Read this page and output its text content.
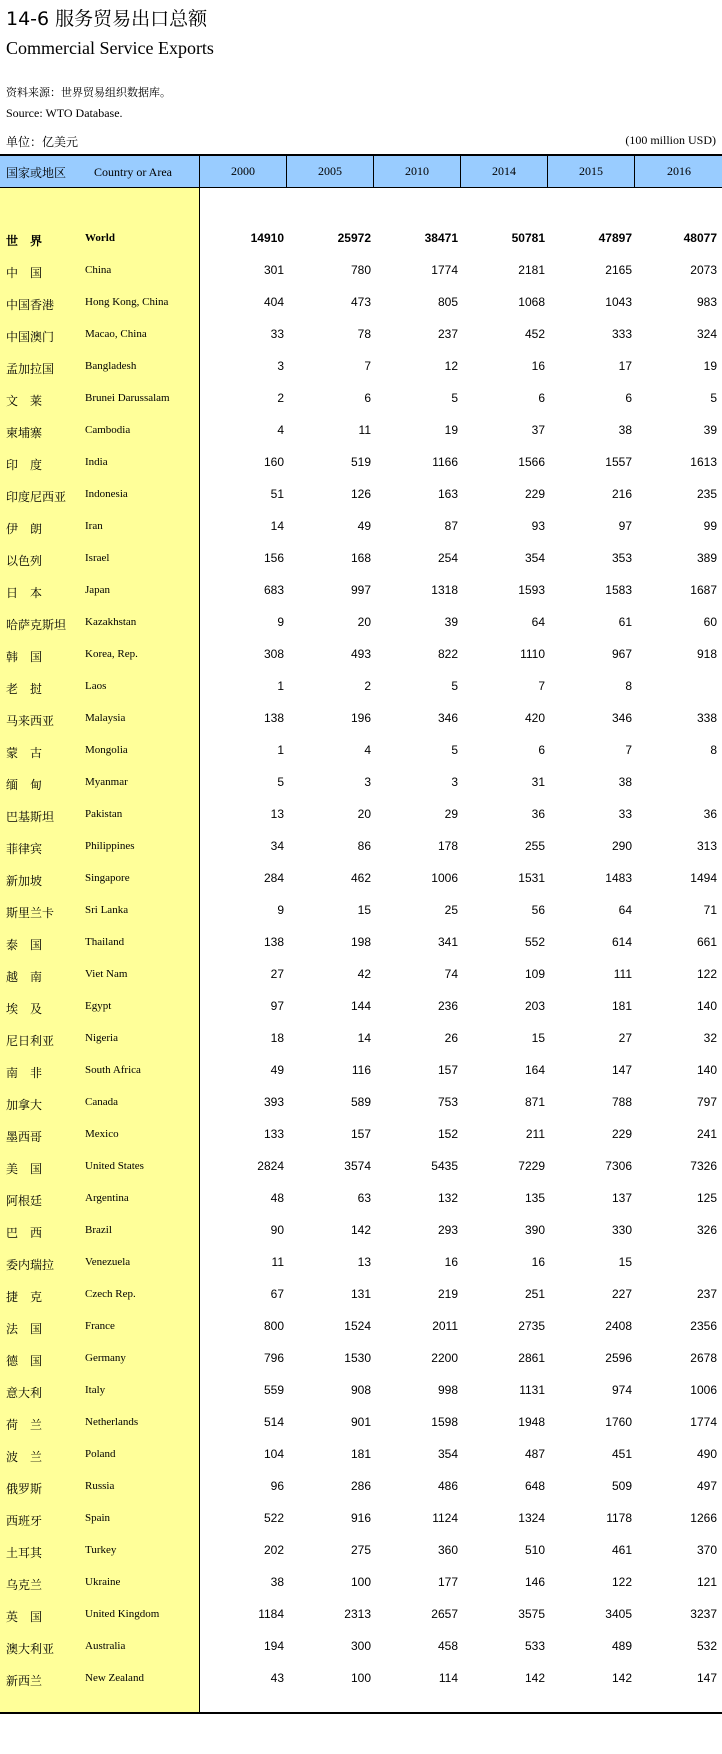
14-6 服务贸易出口总额
Commercial Service Exports
资料来源：世界贸易组织数据库。
Source: WTO Database.
单位：亿美元	(100 million USD)
国家或地区 Country or Area	2000	2005	2010	2014	2015	2016
世　界	World	14910	25972	38471	50781	47897	48077
中　国	China	301	780	1774	2181	2165	2073
中国香港	Hong Kong, China	404	473	805	1068	1043	983
中国澳门	Macao, China	33	78	237	452	333	324
孟加拉国	Bangladesh	3	7	12	16	17	19
文　莱	Brunei Darussalam	2	6	5	6	6	5
柬埔寨	Cambodia	4	11	19	37	38	39
印　度	India	160	519	1166	1566	1557	1613
印度尼西亚 Indonesia	51	126	163	229	216	235
伊　朗	Iran	14	49	87	93	97	99
以色列	Israel	156	168	254	354	353	389
日　本	Japan	683	997	1318	1593	1583	1687
哈萨克斯坦 Kazakhstan	9	20	39	64	61	60
韩　国	Korea, Rep.	308	493	822	1110	967	918
老　挝	Laos	1	2	5	7	8
马来西亚	Malaysia	138	196	346	420	346	338
蒙　古	Mongolia	1	4	5	6	7	8
缅　甸	Myanmar	5	3	3	31	38
巴基斯坦	Pakistan	13	20	29	36	33	36
菲律宾	Philippines	34	86	178	255	290	313
新加坡	Singapore	284	462	1006	1531	1483	1494
斯里兰卡	Sri Lanka	9	15	25	56	64	71
泰　国	Thailand	138	198	341	552	614	661
越　南	Viet Nam	27	42	74	109	111	122
埃　及	Egypt	97	144	236	203	181	140
尼日利亚	Nigeria	18	14	26	15	27	32
南　非	South Africa	49	116	157	164	147	140
加拿大	Canada	393	589	753	871	788	797
墨西哥	Mexico	133	157	152	211	229	241
美　国	United States	2824	3574	5435	7229	7306	7326
阿根廷	Argentina	48	63	132	135	137	125
巴　西	Brazil	90	142	293	390	330	326
委内瑞拉	Venezuela	11	13	16	16	15
捷　克	Czech Rep.	67	131	219	251	227	237
法　国	France	800	1524	2011	2735	2408	2356
德　国	Germany	796	1530	2200	2861	2596	2678
意大利	Italy	559	908	998	1131	974	1006
荷　兰	Netherlands	514	901	1598	1948	1760	1774
波　兰	Poland	104	181	354	487	451	490
俄罗斯	Russia	96	286	486	648	509	497
西班牙	Spain	522	916	1124	1324	1178	1266
土耳其	Turkey	202	275	360	510	461	370
乌克兰	Ukraine	38	100	177	146	122	121
英　国	United Kingdom	1184	2313	2657	3575	3405	3237
澳大利亚	Australia	194	300	458	533	489	532
新西兰	New Zealand	43	100	114	142	142	147
